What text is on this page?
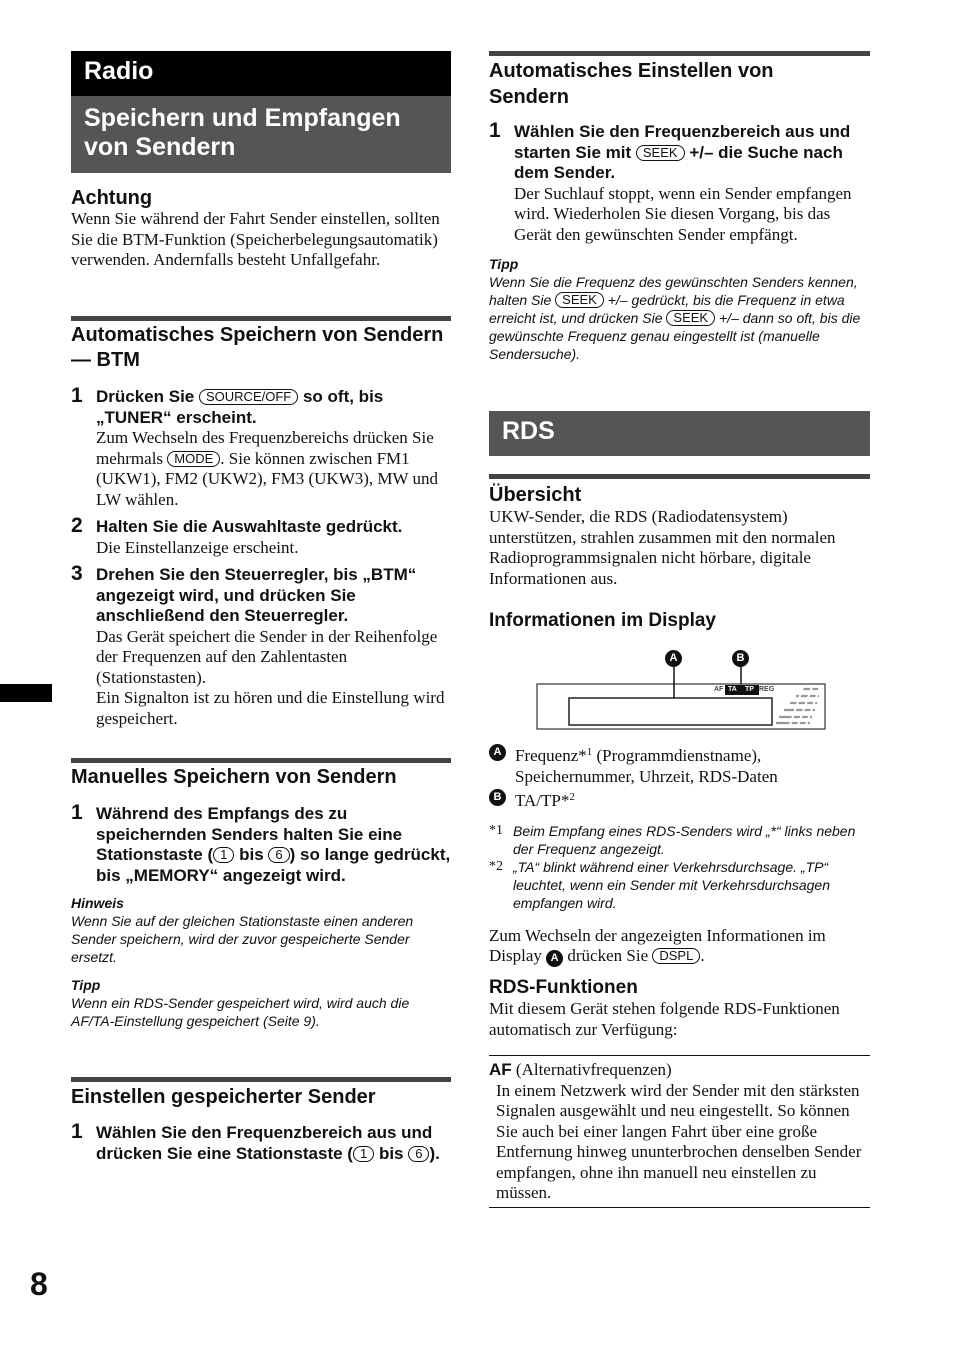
Radio
Speichern und Empfangen von Sendern

Achtung

Wenn Sie während der Fahrt Sender einstellen, sollten Sie die BTM-Funktion (Speicherbelegungsautomatik) verwenden. Andernfalls besteht Unfallgefahr.

Automatisches Speichern von Sendern — BTM

1 Drücken Sie SOURCE/OFF so oft, bis „TUNER“ erscheint.

Zum Wechseln des Frequenzbereichs drücken Sie mehrmals MODE . Sie können zwischen FM1 (UKW1), FM2 (UKW2), FM3 (UKW3), MW und LW wählen.

2 Halten Sie die Auswahltaste gedrückt.

Die Einstellanzeige erscheint.

3 Drehen Sie den Steuerregler, bis „BTM“ angezeigt wird, und drücken Sie anschließend den Steuerregler.

Das Gerät speichert die Sender in der Reihenfolge der Frequenzen auf den Zahlentasten (Stationstasten).

Ein Signalton ist zu hören und die Einstellung wird gespeichert.

Manuelles Speichern von Sendern

1 Während des Empfangs des zu speichernden Senders halten Sie eine Stationstaste ( 1 bis 6 ) so lange gedrückt, bis „MEMORY“ angezeigt wird.

Hinweis

Wenn Sie auf der gleichen Stationstaste einen anderen Sender speichern, wird der zuvor gespeicherte Sender ersetzt.

Tipp

Wenn ein RDS-Sender gespeichert wird, wird auch die AF/TA-Einstellung gespeichert (Seite 9).

Einstellen gespeicherter Sender

1 Wählen Sie den Frequenzbereich aus und drücken Sie eine Stationstaste ( 1 bis 6 ).
8

Automatisches Einstellen von Sendern

1 Wählen Sie den Frequenzbereich aus und starten Sie mit SEEK +/– die Suche nach dem Sender.

Der Suchlauf stoppt, wenn ein Sender empfangen wird. Wiederholen Sie diesen Vorgang, bis das Gerät den gewünschten Sender empfängt.

Tipp

Wenn Sie die Frequenz des gewünschten Senders kennen, halten Sie SEEK +/– gedrückt, bis die Frequenz in etwa erreicht ist, und drücken Sie SEEK +/– dann so oft, bis die gewünschte Frequenz genau eingestellt ist (manuelle Sendersuche).

RDS

Übersicht

UKW-Sender, die RDS (Radiodatensystem) unterstützen, strahlen zusammen mit den normalen Radioprogrammsignalen nicht hörbare, digitale Informationen aus.

Informationen im Display

AF TA TP REG
A	B
A Frequenz*$^1$ (Programmdienstname), Speichernummer, Uhrzeit, RDS-Daten
B TA/TP*$^2$
*1 Beim Empfang eines RDS-Senders wird „*“ links neben der Frequenz angezeigt.
*2 „TA“ blinkt während einer Verkehrsdurchsage. „TP“ leuchtet, wenn ein Sender mit Verkehrsdurchsagen empfangen wird.

Zum Wechseln der angezeigten Informationen im Display A drücken Sie DSPL .

RDS-Funktionen

Mit diesem Gerät stehen folgende RDS-Funktionen automatisch zur Verfügung:

AF (Alternativfrequenzen)

In einem Netzwerk wird der Sender mit den stärksten Signalen ausgewählt und neu eingestellt. So können Sie auch bei einer langen Fahrt über eine große Entfernung hinweg ununterbrochen denselben Sender empfangen, ohne ihn manuell neu einstellen zu müssen.
